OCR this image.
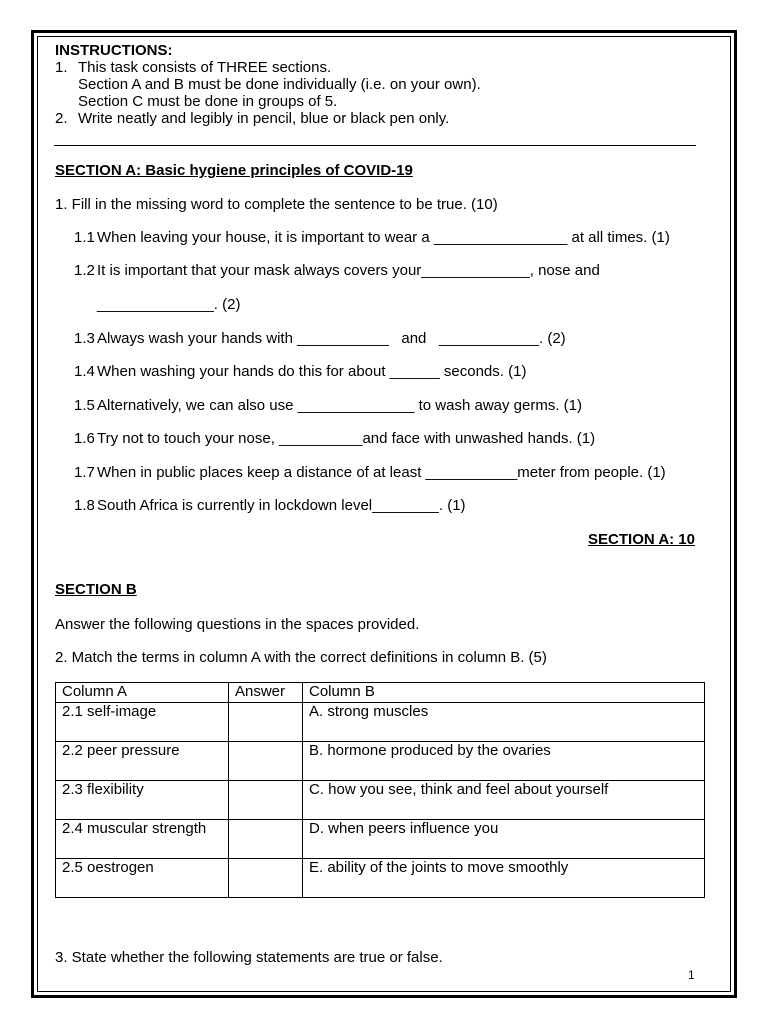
INSTRUCTIONS:
1. This task consists of THREE sections.
Section A and B must be done individually (i.e. on your own).
Section C must be done in groups of 5.
2. Write neatly and legibly in pencil, blue or black pen only.
SECTION A: Basic hygiene principles of COVID-19
1. Fill in the missing word to complete the sentence to be true. (10)
1.1 When leaving your house, it is important to wear a ________________ at all times. (1)
1.2 It is important that your mask always covers your_____________, nose and
______________. (2)
1.3 Always wash your hands with ___________   and   ____________. (2)
1.4 When washing your hands do this for about ______ seconds. (1)
1.5 Alternatively, we can also use ______________ to wash away germs. (1)
1.6 Try not to touch your nose, __________and face with unwashed hands. (1)
1.7 When in public places keep a distance of at least ___________meter from people. (1)
1.8 South Africa is currently in lockdown level________. (1)
SECTION A: 10
SECTION B
Answer the following questions in the spaces provided.
2. Match the terms in column A with the correct definitions in column B. (5)
Column A	Answer	Column B
2.1 self-image		A. strong muscles
2.2 peer pressure		B. hormone produced by the ovaries
2.3 flexibility		C. how you see, think and feel about yourself
2.4 muscular strength		D. when peers influence you
2.5 oestrogen		E. ability of the joints to move smoothly
3. State whether the following statements are true or false.
1
